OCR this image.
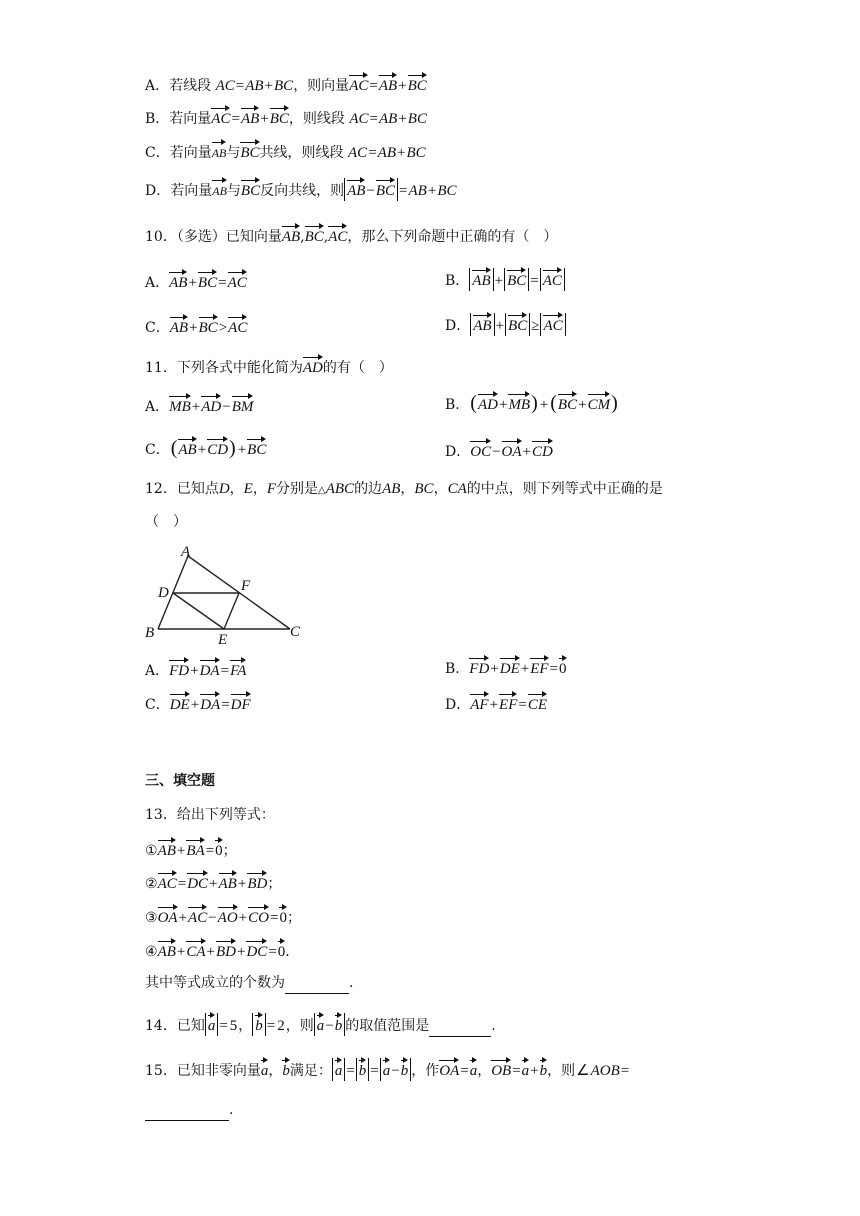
A．若线段 AC=AB+BC，则向量AC=AB+BC
B．若向量AC=AB+BC，则线段 AC=AB+BC
C．若向量AB与BC共线，则线段 AC=AB+BC
D．若向量AB与BC反向共线，则 AB−BC =AB+BC
10．（多选）已知向量AB,BC,AC，那么下列命题中正确的有（　）
A．AB+BC=AC	B． AB + BC = AC
C．AB+BC>AC	D． AB + BC ≥ AC
11．下列各式中能化简为AD的有（　）
A．MB+AD−BM	B．(AD+MB) + (BC+CM)
C．(AB+CD) +BC	D．OC−OA+CD
12．已知点D，E，F分别是△ABC的边AB，BC，CA的中点，则下列等式中正确的是
（　）
A
D	F
B	E	C
A．FD+DA=FA	B．FD+DE+EF=0
C．DE+DA=DF	D．AF+EF=CE
三、填空题
13．给出下列等式：
①AB+BA=0；
②AC=DC+AB+BD；
③OA+AC−AO+CO=0；
④AB+CA+BD+DC=0.
其中等式成立的个数为	.
14．已知 a = 5， b = 2，则 a−b 的取值范围是	.
15．已知非零向量a，b满足： a = b = a−b ，作OA=a，OB=a+b，则∠AOB=
.
